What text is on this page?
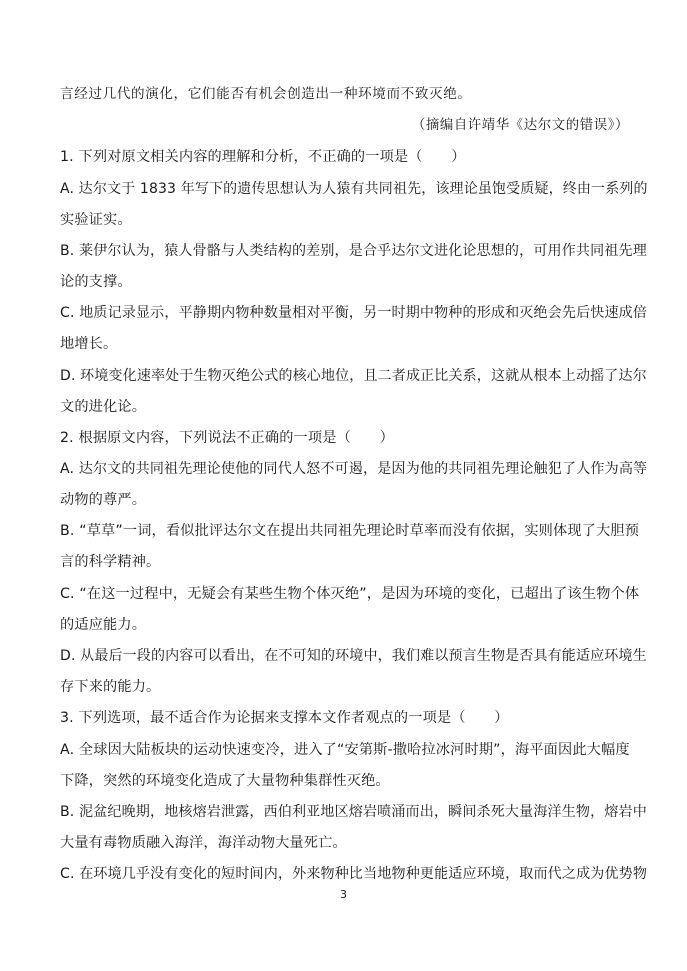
言经过几代的演化，它们能否有机会创造出一种环境而不致灭绝。
（摘编自许靖华《达尔文的错误》）
1. 下列对原文相关内容的理解和分析，不正确的一项是（　　）
A. 达尔文于 1833 年写下的遗传思想认为人猿有共同祖先，该理论虽饱受质疑，终由一系列的
实验证实。
B. 莱伊尔认为，猿人骨骼与人类结构的差别，是合乎达尔文进化论思想的，可用作共同祖先理
论的支撑。
C. 地质记录显示，平静期内物种数量相对平衡，另一时期中物种的形成和灭绝会先后快速成倍
地增长。
D. 环境变化速率处于生物灭绝公式的核心地位，且二者成正比关系，这就从根本上动摇了达尔
文的进化论。
2. 根据原文内容，下列说法不正确的一项是（　　）
A. 达尔文的共同祖先理论使他的同代人怒不可遏，是因为他的共同祖先理论触犯了人作为高等
动物的尊严。
B. “草草”一词，看似批评达尔文在提出共同祖先理论时草率而没有依据，实则体现了大胆预
言的科学精神。
C. “在这一过程中，无疑会有某些生物个体灭绝”，是因为环境的变化，已超出了该生物个体
的适应能力。
D. 从最后一段的内容可以看出，在不可知的环境中，我们难以预言生物是否具有能适应环境生
存下来的能力。
3. 下列选项，最不适合作为论据来支撑本文作者观点的一项是（　　）
A. 全球因大陆板块的运动快速变冷，进入了“安第斯-撒哈拉冰河时期”，海平面因此大幅度
下降，突然的环境变化造成了大量物种集群性灭绝。
B. 泥盆纪晚期，地核熔岩泄露，西伯利亚地区熔岩喷涌而出，瞬间杀死大量海洋生物，熔岩中
大量有毒物质融入海洋，海洋动物大量死亡。
C. 在环境几乎没有变化的短时间内，外来物种比当地物种更能适应环境，取而代之成为优势物
3
